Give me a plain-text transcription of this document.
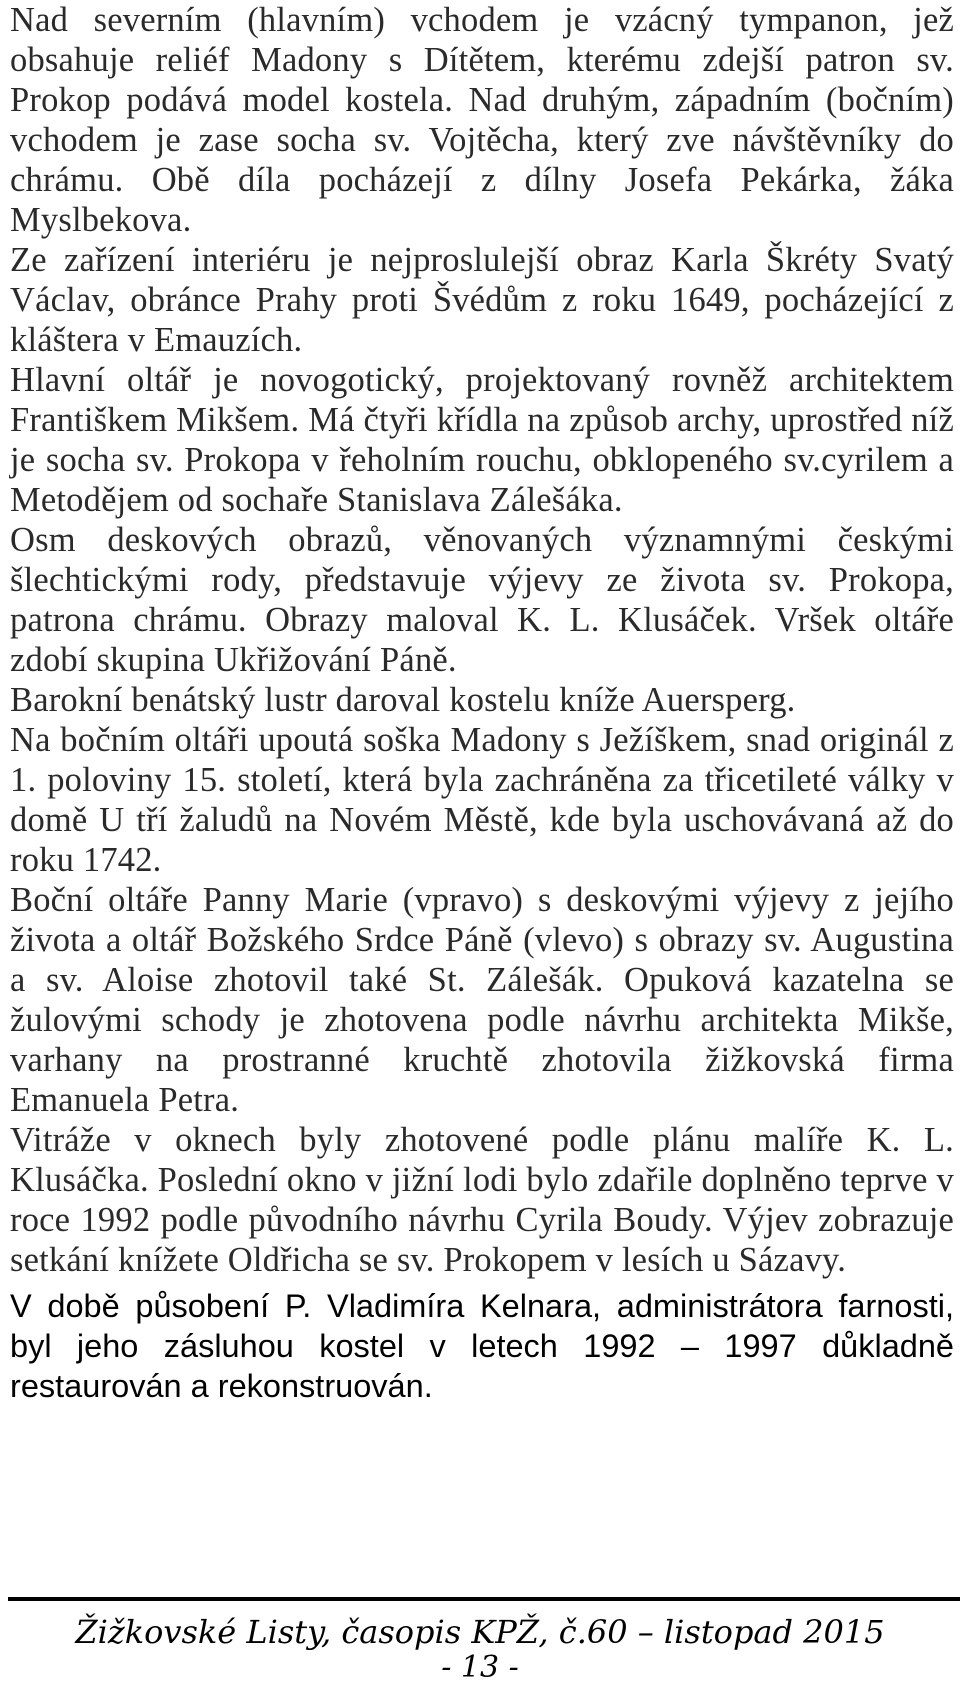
Nad severním (hlavním) vchodem je vzácný tympanon, jež obsahuje reliéf Madony s Dítětem, kterému zdejší patron sv. Prokop podává model kostela. Nad druhým, západním (bočním) vchodem je zase socha sv. Vojtěcha, který zve návštěvníky do chrámu. Obě díla pocházejí z dílny Josefa Pekárka, žáka Myslbekova.

Ze zařízení interiéru je nejproslulejší obraz Karla Škréty Svatý Václav, obránce Prahy proti Švédům z roku 1649, pocházející z kláštera v Emauzích.

Hlavní oltář je novogotický, projektovaný rovněž architektem Františkem Mikšem. Má čtyři křídla na způsob archy, uprostřed níž je socha sv. Prokopa v řeholním rouchu, obklopeného sv.cyrilem a Metodějem od sochaře Stanislava Zálešáka.

Osm deskových obrazů, věnovaných významnými českými šlechtickými rody, představuje výjevy ze života sv. Prokopa, patrona chrámu. Obrazy maloval K. L. Klusáček. Vršek oltáře zdobí skupina Ukřižování Páně.

Barokní benátský lustr daroval kostelu kníže Auersperg.

Na bočním oltáři upoutá soška Madony s Ježíškem, snad originál z 1. poloviny 15. století, která byla zachráněna za třicetileté války v domě U tří žaludů na Novém Městě, kde byla uschovávaná až do roku 1742.

Boční oltáře Panny Marie (vpravo) s deskovými výjevy z jejího života a oltář Božského Srdce Páně (vlevo) s obrazy sv. Augustina a sv. Aloise zhotovil také St. Zálešák. Opuková kazatelna se žulovými schody je zhotovena podle návrhu architekta Mikše, varhany na prostranné kruchtě zhotovila žižkovská firma Emanuela Petra.

Vitráže v oknech byly zhotovené podle plánu malíře K. L. Klusáčka. Poslední okno v jižní lodi bylo zdařile doplněno teprve v roce 1992 podle původního návrhu Cyrila Boudy. Výjev zobrazuje setkání knížete Oldřicha se sv. Prokopem v lesích u Sázavy.

V době působení P. Vladimíra Kelnara, administrátora farnosti, byl jeho zásluhou kostel v letech 1992 – 1997 důkladně restaurován a rekonstruován.

Žižkovské Listy, časopis KPŽ, č.60 – listopad 2015
- 13 -
